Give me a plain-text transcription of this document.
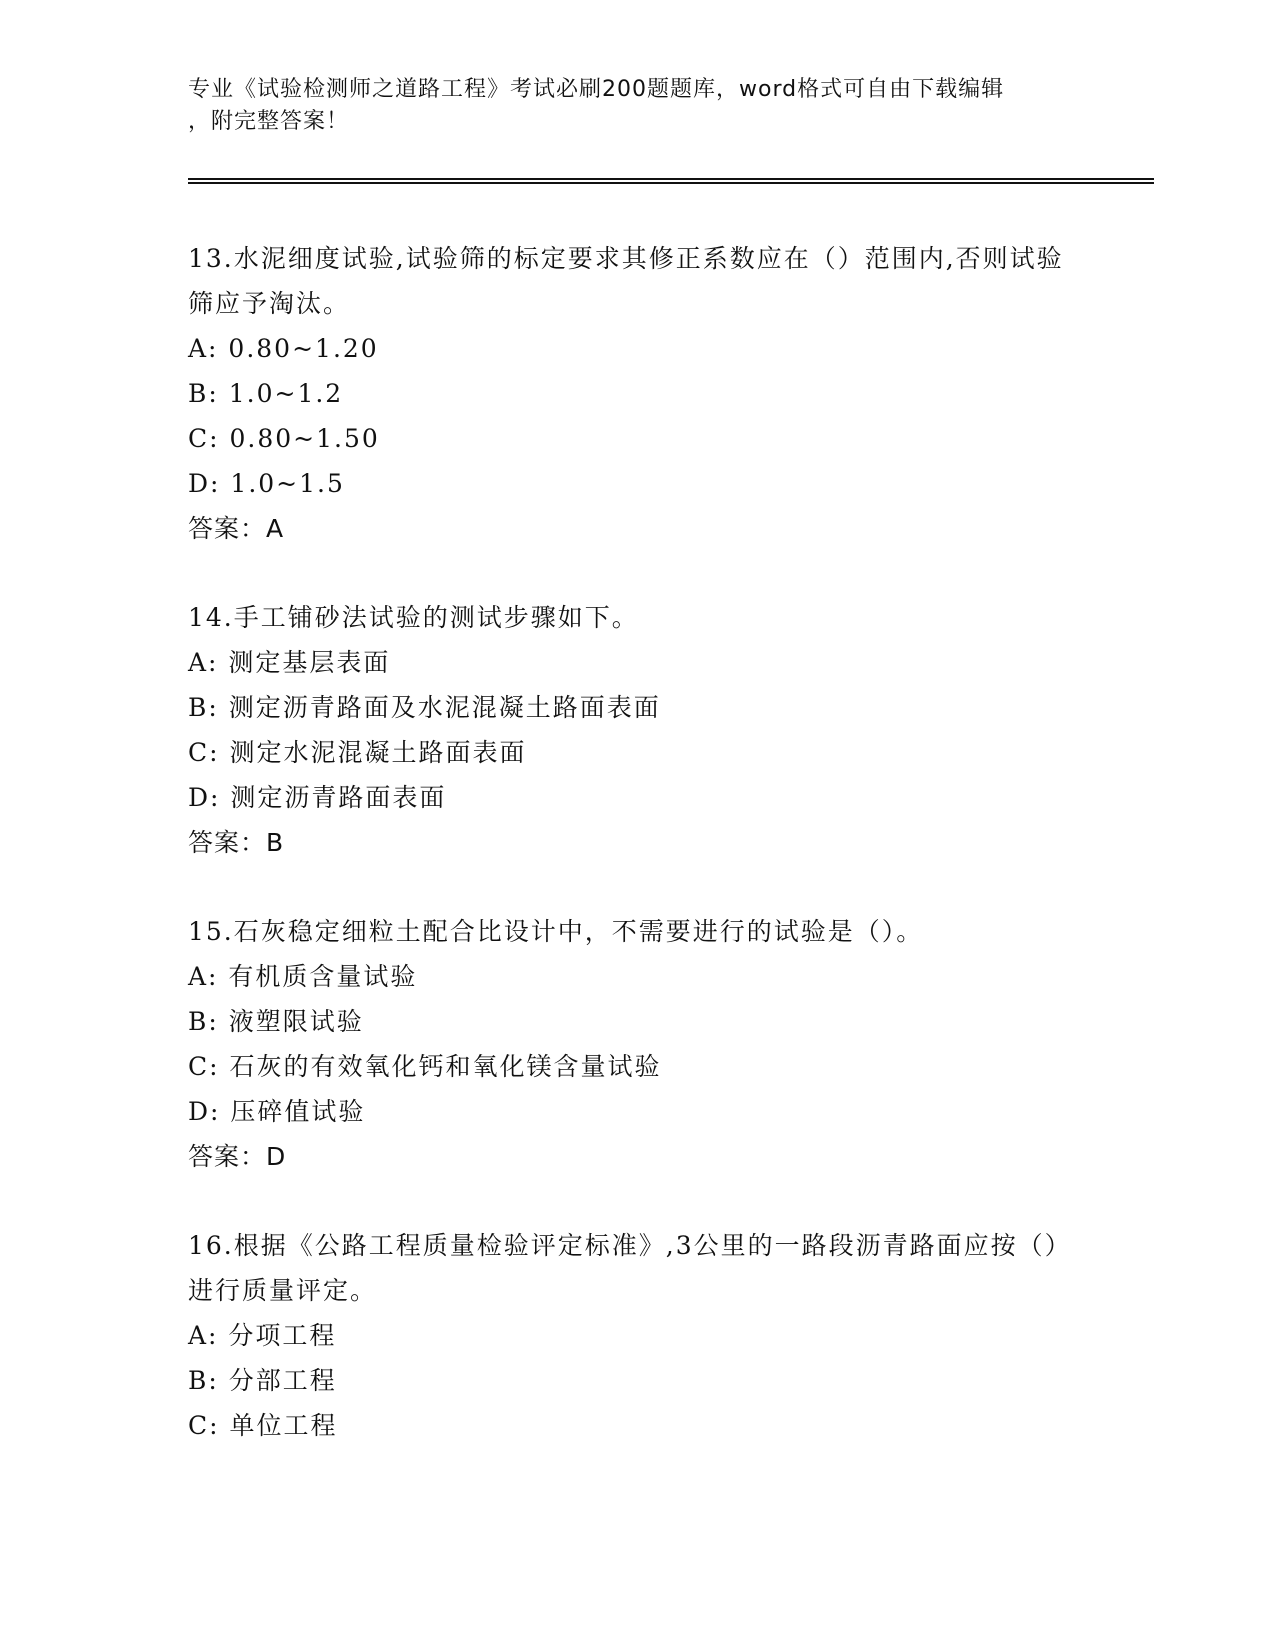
专业《试验检测师之道路工程》考试必刷200题题库，word格式可自由下载编辑
，附完整答案！

13.水泥细度试验,试验筛的标定要求其修正系数应在（）范围内,否则试验筛应予淘汰。

A: 0.80~1.20

B: 1.0~1.2

C: 0.80~1.50

D: 1.0~1.5

答案：A

14.手工铺砂法试验的测试步骤如下。

A: 测定基层表面

B: 测定沥青路面及水泥混凝土路面表面

C: 测定水泥混凝土路面表面

D: 测定沥青路面表面

答案：B

15.石灰稳定细粒土配合比设计中，不需要进行的试验是（）。

A: 有机质含量试验

B: 液塑限试验

C: 石灰的有效氧化钙和氧化镁含量试验

D: 压碎值试验

答案：D

16.根据《公路工程质量检验评定标准》,3公里的一路段沥青路面应按（）进行质量评定。

A: 分项工程

B: 分部工程

C: 单位工程
